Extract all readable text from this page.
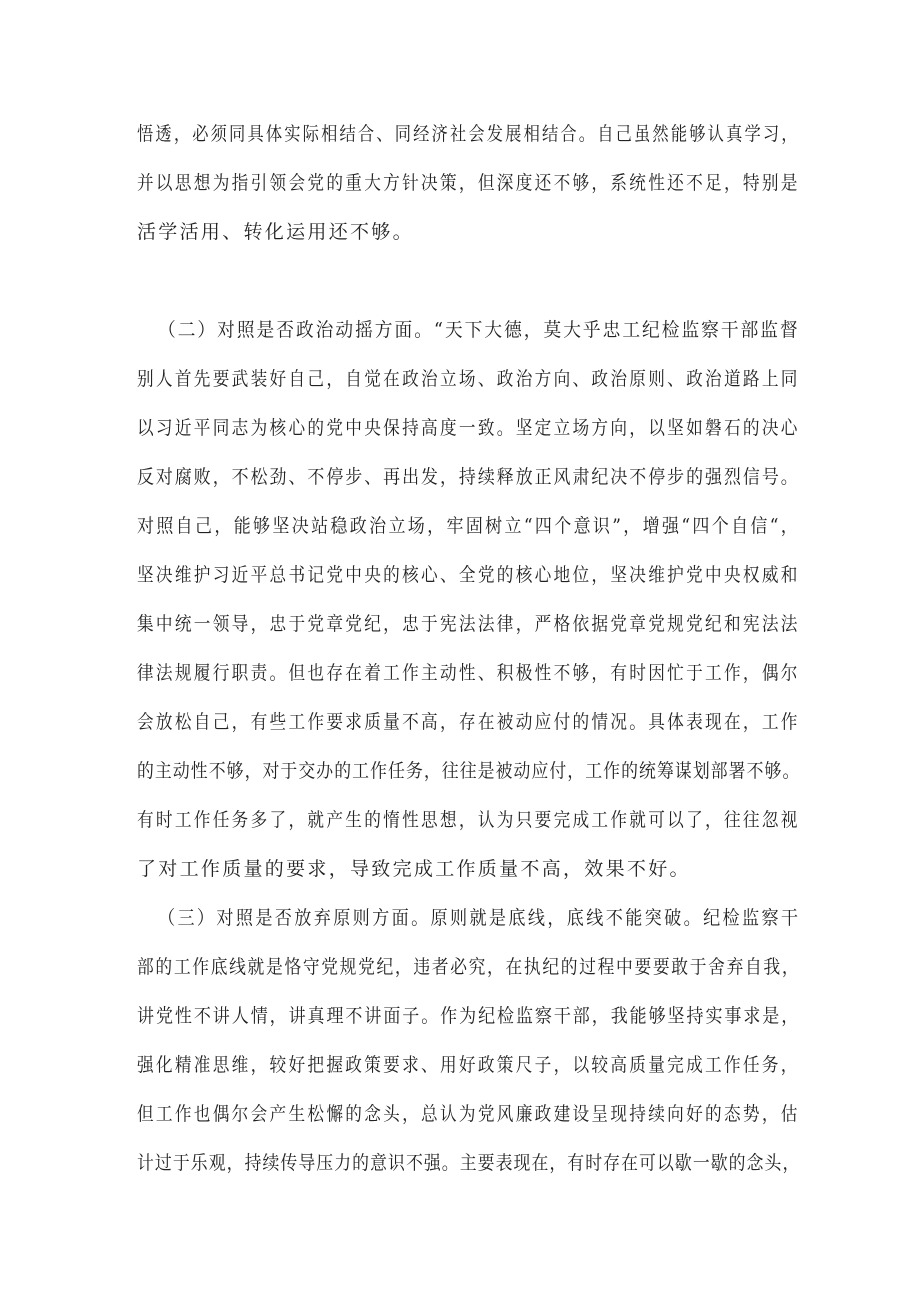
悟透，必须同具体实际相结合、同经济社会发展相结合。自己虽然能够认真学习，
并以思想为指引领会党的重大方针决策，但深度还不够，系统性还不足，特别是
活学活用、转化运用还不够。
（二）对照是否政治动摇方面。“天下大德，莫大乎忠工纪检监察干部监督
别人首先要武装好自己，自觉在政治立场、政治方向、政治原则、政治道路上同
以习近平同志为核心的党中央保持高度一致。坚定立场方向，以坚如磐石的决心
反对腐败，不松劲、不停步、再出发，持续释放正风肃纪决不停步的强烈信号。
对照自己，能够坚决站稳政治立场，牢固树立“四个意识”，增强“四个自信“，
坚决维护习近平总书记党中央的核心、全党的核心地位，坚决维护党中央权威和
集中统一领导，忠于党章党纪，忠于宪法法律，严格依据党章党规党纪和宪法法
律法规履行职责。但也存在着工作主动性、积极性不够，有时因忙于工作，偶尔
会放松自己，有些工作要求质量不高，存在被动应付的情况。具体表现在，工作
的主动性不够，对于交办的工作任务，往往是被动应付，工作的统筹谋划部署不够。
有时工作任务多了，就产生的惰性思想，认为只要完成工作就可以了，往往忽视
了对工作质量的要求，导致完成工作质量不高，效果不好。
（三）对照是否放弃原则方面。原则就是底线，底线不能突破。纪检监察干
部的工作底线就是恪守党规党纪，违者必究，在执纪的过程中要要敢于舍弃自我，
讲党性不讲人情，讲真理不讲面子。作为纪检监察干部，我能够坚持实事求是，
强化精准思维，较好把握政策要求、用好政策尺子，以较高质量完成工作任务，
但工作也偶尔会产生松懈的念头，总认为党风廉政建设呈现持续向好的态势，估
计过于乐观，持续传导压力的意识不强。主要表现在，有时存在可以歇一歇的念头，
